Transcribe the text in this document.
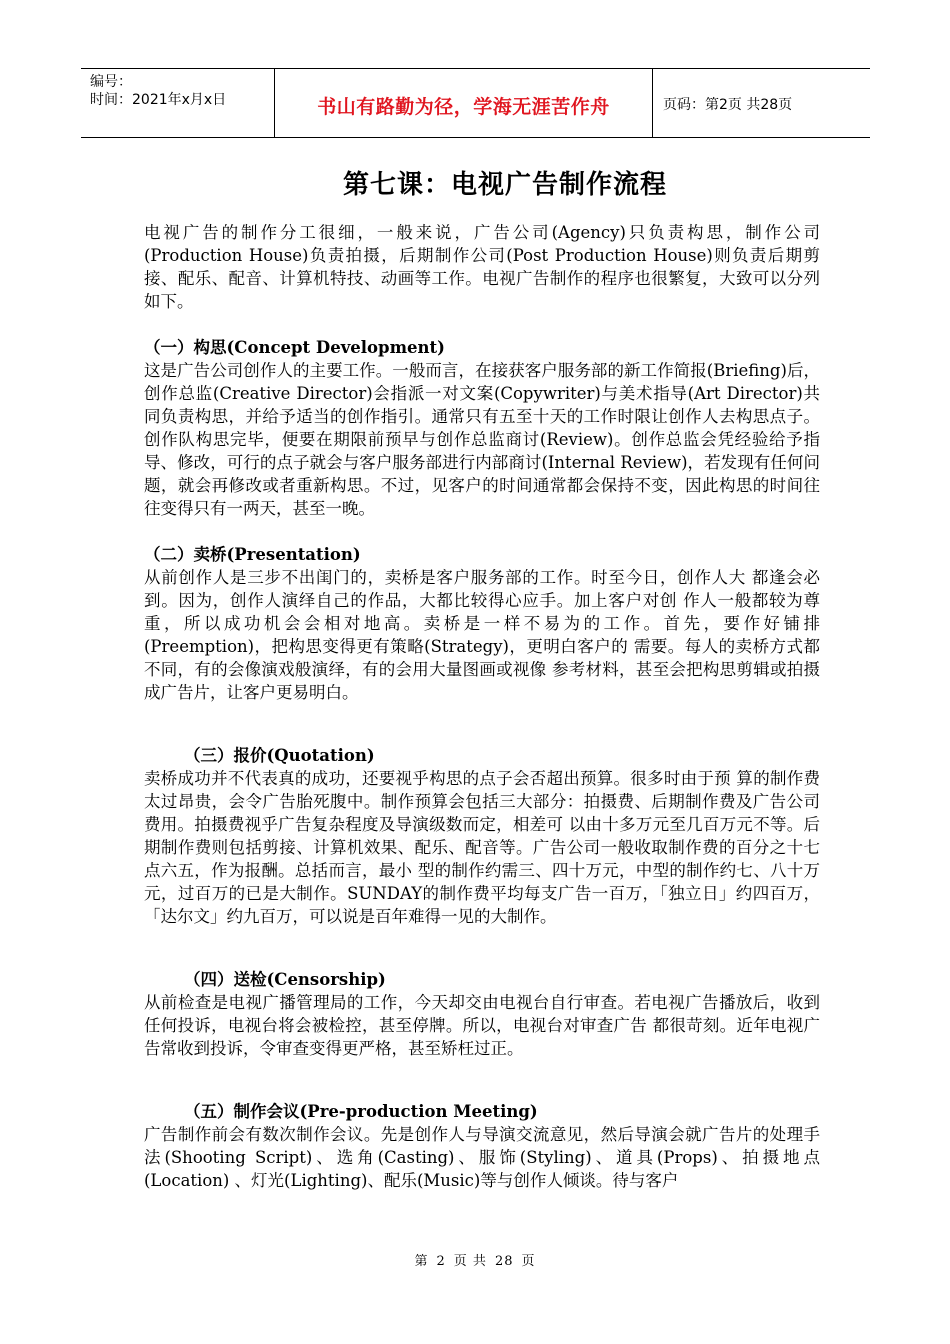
编号：
时间：2021年x月x日	书山有路勤为径，学海无涯苦作舟	页码：第2页 共28页
第七课：电视广告制作流程

电视广告的制作分工很细，一般来说，广告公司(Agency)只负责构思，制作公司 (Production House)负责拍摄，后期制作公司(Post Production House)则负责后期剪接、配乐、配音、计算机特技、动画等工作。电视广告制作的程序也很繁复，大致可以分列如下。

（一）构思(Concept Development)

这是广告公司创作人的主要工作。一般而言，在接获客户服务部的新工作简报(Briefing)后，创作总监(Creative Director)会指派一对文案(Copywriter)与美术指导(Art Director)共同负责构思，并给予适当的创作指引。通常只有五至十天的工作时限让创作人去构思点子。创作队构思完毕，便要在期限前预早与创作总监商讨(Review)。创作总监会凭经验给予指导、修改，可行的点子就会与客户服务部进行内部商讨(Internal Review)，若发现有任何问题，就会再修改或者重新构思。不过，见客户的时间通常都会保持不变，因此构思的时间往往变得只有一两天，甚至一晚。

（二）卖桥(Presentation)

从前创作人是三步不出闺门的，卖桥是客户服务部的工作。时至今日，创作人大 都逢会必到。因为，创作人演绎自己的作品，大都比较得心应手。加上客户对创 作人一般都较为尊重，所以成功机会会相对地高。卖桥是一样不易为的工作。首先，要作好铺排(Preemption)，把构思变得更有策略(Strategy)，更明白客户的 需要。每人的卖桥方式都不同，有的会像演戏般演绎，有的会用大量图画或视像 参考材料，甚至会把构思剪辑或拍摄成广告片，让客户更易明白。

（三）报价(Quotation)

卖桥成功并不代表真的成功，还要视乎构思的点子会否超出预算。很多时由于预 算的制作费太过昂贵，会令广告胎死腹中。制作预算会包括三大部分：拍摄费、后期制作费及广告公司费用。拍摄费视乎广告复杂程度及导演级数而定，相差可 以由十多万元至几百万元不等。后期制作费则包括剪接、计算机效果、配乐、配音等。广告公司一般收取制作费的百分之十七点六五，作为报酬。总括而言，最小 型的制作约需三、四十万元，中型的制作约七、八十万元，过百万的已是大制作。SUNDAY的制作费平均每支广告一百万，「独立日」约四百万，「达尔文」约九百万，可以说是百年难得一见的大制作。

（四）送检(Censorship)

从前检查是电视广播管理局的工作，今天却交由电视台自行审查。若电视广告播放后，收到任何投诉，电视台将会被检控，甚至停牌。所以，电视台对审查广告 都很苛刻。近年电视广告常收到投诉，令审查变得更严格，甚至矫枉过正。

（五）制作会议(Pre-production Meeting)

广告制作前会有数次制作会议。先是创作人与导演交流意见，然后导演会就广告片的处理手法(Shooting Script)、选角(Casting)、服饰(Styling)、道具(Props)、拍摄地点(Location) 、灯光(Lighting)、配乐(Music)等与创作人倾谈。待与客户

第 2 页 共 28 页
